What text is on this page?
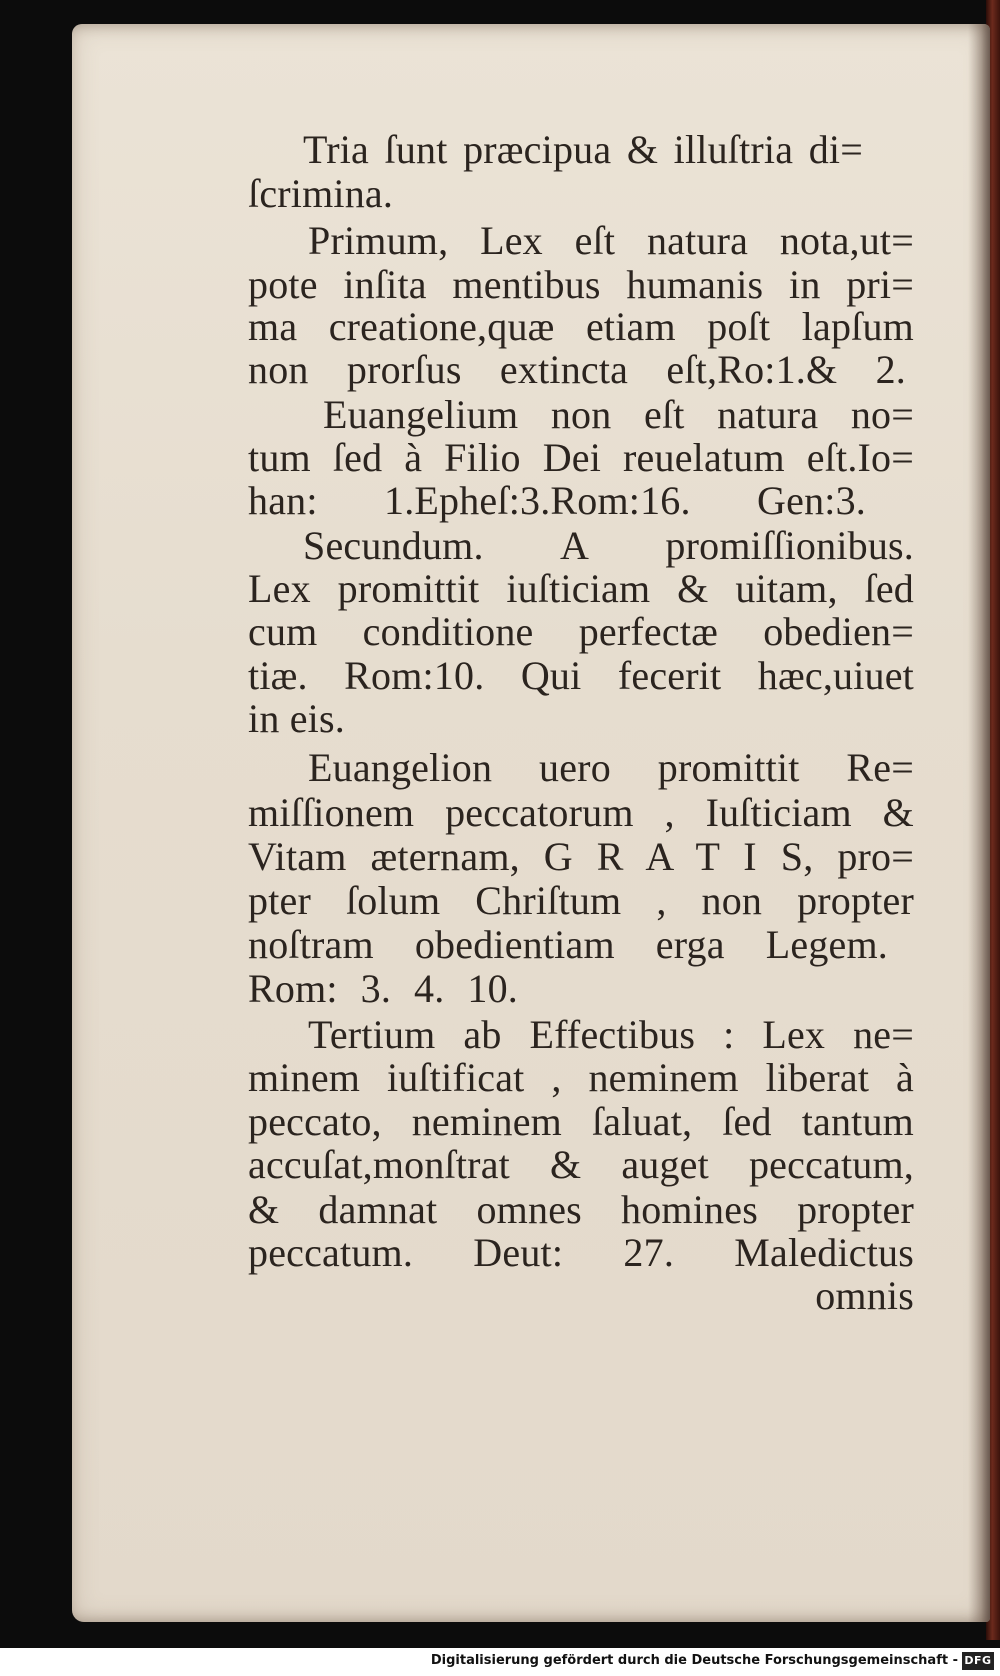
Tria ſunt præcipua & illuſtria di=
ſcrimina.
Primum, Lex eſt natura nota,ut=
pote inſita mentibus humanis in pri=
ma creatione,quæ etiam poſt lapſum
non prorſus extincta eſt,Ro:1.& 2.
Euangelium non eſt natura no=
tum ſed à Filio Dei reuelatum eſt.Io=
han: 1.Epheſ:3.Rom:16. Gen:3.
Secundum. A promiſſionibus.
Lex promittit iuſticiam & uitam, ſed
cum conditione perfectæ obedien=
tiæ. Rom:10. Qui fecerit hæc,uiuet
in eis.
Euangelion uero promittit Re=
miſſionem peccatorum , Iuſticiam &
Vitam æternam, G R A T I S, pro=
pter ſolum Chriſtum , non propter
noſtram obedientiam erga Legem.
Rom: 3. 4. 10.
Tertium ab Effectibus : Lex ne=
minem iuſtificat , neminem liberat à
peccato, neminem ſaluat, ſed tantum
accuſat,monſtrat & auget peccatum,
& damnat omnes homines propter
peccatum. Deut: 27. Maledictus
omnis
Digitalisierung gefördert durch die Deutsche Forschungsgemeinschaft - DFG
